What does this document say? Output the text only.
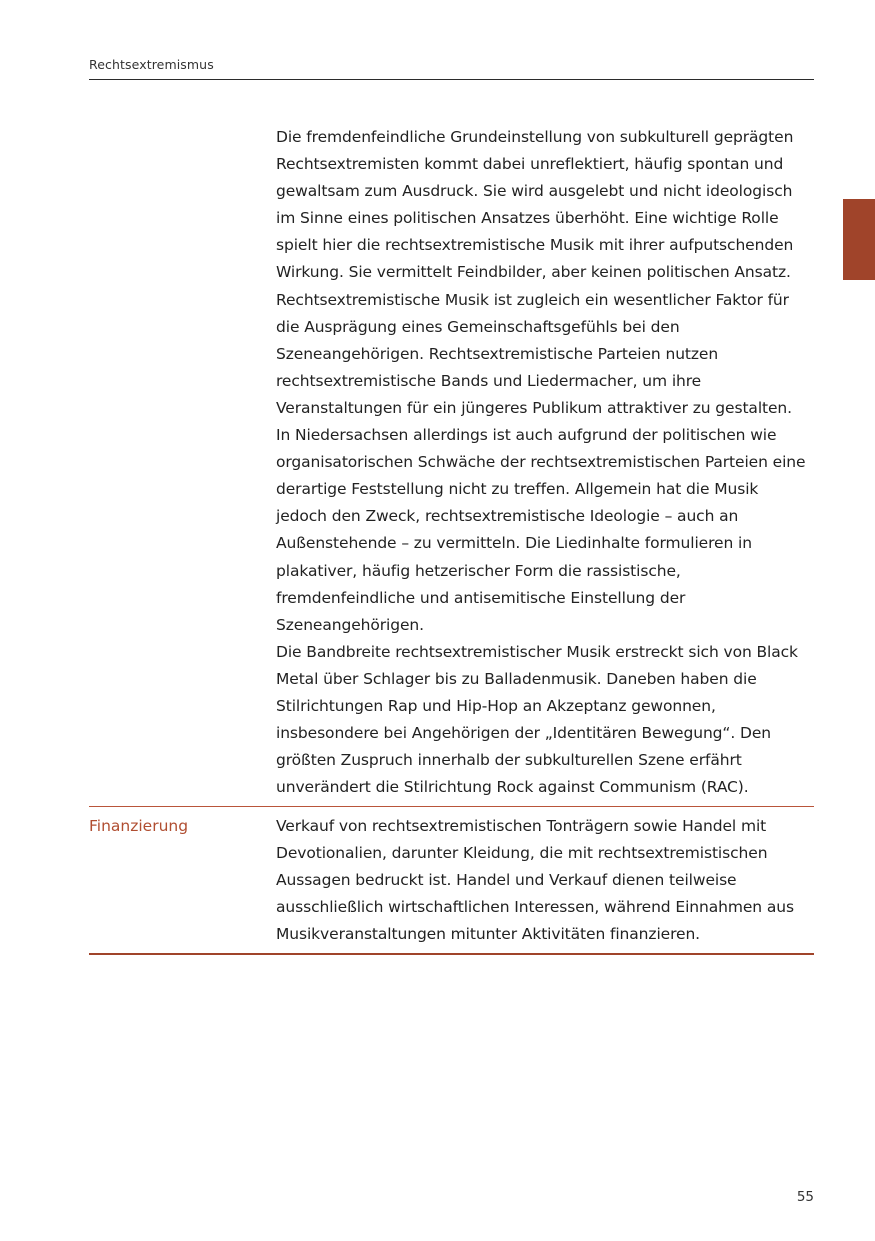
Rechtsextremismus

Die fremdenfeindliche Grundeinstellung von subkulturell geprägten Rechtsextremisten kommt dabei unreflektiert, häufig spontan und gewaltsam zum Ausdruck. Sie wird ausgelebt und nicht ideologisch im Sinne eines politischen Ansatzes überhöht. Eine wichtige Rolle spielt hier die rechtsextremistische Musik mit ihrer aufputschenden Wirkung. Sie vermittelt Feindbilder, aber keinen politischen Ansatz.

Rechtsextremistische Musik ist zugleich ein wesentlicher Faktor für die Ausprägung eines Gemeinschaftsgefühls bei den Szeneangehörigen. Rechtsextremistische Parteien nutzen rechtsextremistische Bands und Liedermacher, um ihre Veranstaltungen für ein jüngeres Publikum attraktiver zu gestalten. In Niedersachsen allerdings ist auch aufgrund der politischen wie organisatorischen Schwäche der rechtsextremistischen Parteien eine derartige Feststellung nicht zu treffen. Allgemein hat die Musik jedoch den Zweck, rechtsextremistische Ideologie – auch an Außenstehende – zu vermitteln. Die Liedinhalte formulieren in plakativer, häufig hetzerischer Form die rassistische, fremdenfeindliche und antisemitische Einstellung der Szeneangehörigen.

Die Bandbreite rechtsextremistischer Musik erstreckt sich von Black Metal über Schlager bis zu Balladenmusik. Daneben haben die Stilrichtungen Rap und Hip-Hop an Akzeptanz gewonnen, insbesondere bei Angehörigen der „Identitären Bewegung“. Den größten Zuspruch innerhalb der subkulturellen Szene erfährt unverändert die Stilrichtung Rock against Communism (RAC).

Finanzierung	Verkauf von rechtsextremistischen Tonträgern sowie Handel mit Devotionalien, darunter Kleidung, die mit rechtsextremistischen Aussagen bedruckt ist. Handel und Verkauf dienen teilweise ausschließlich wirtschaftlichen Interessen, während Einnahmen aus Musikveranstaltungen mitunter Aktivitäten finanzieren.

55
